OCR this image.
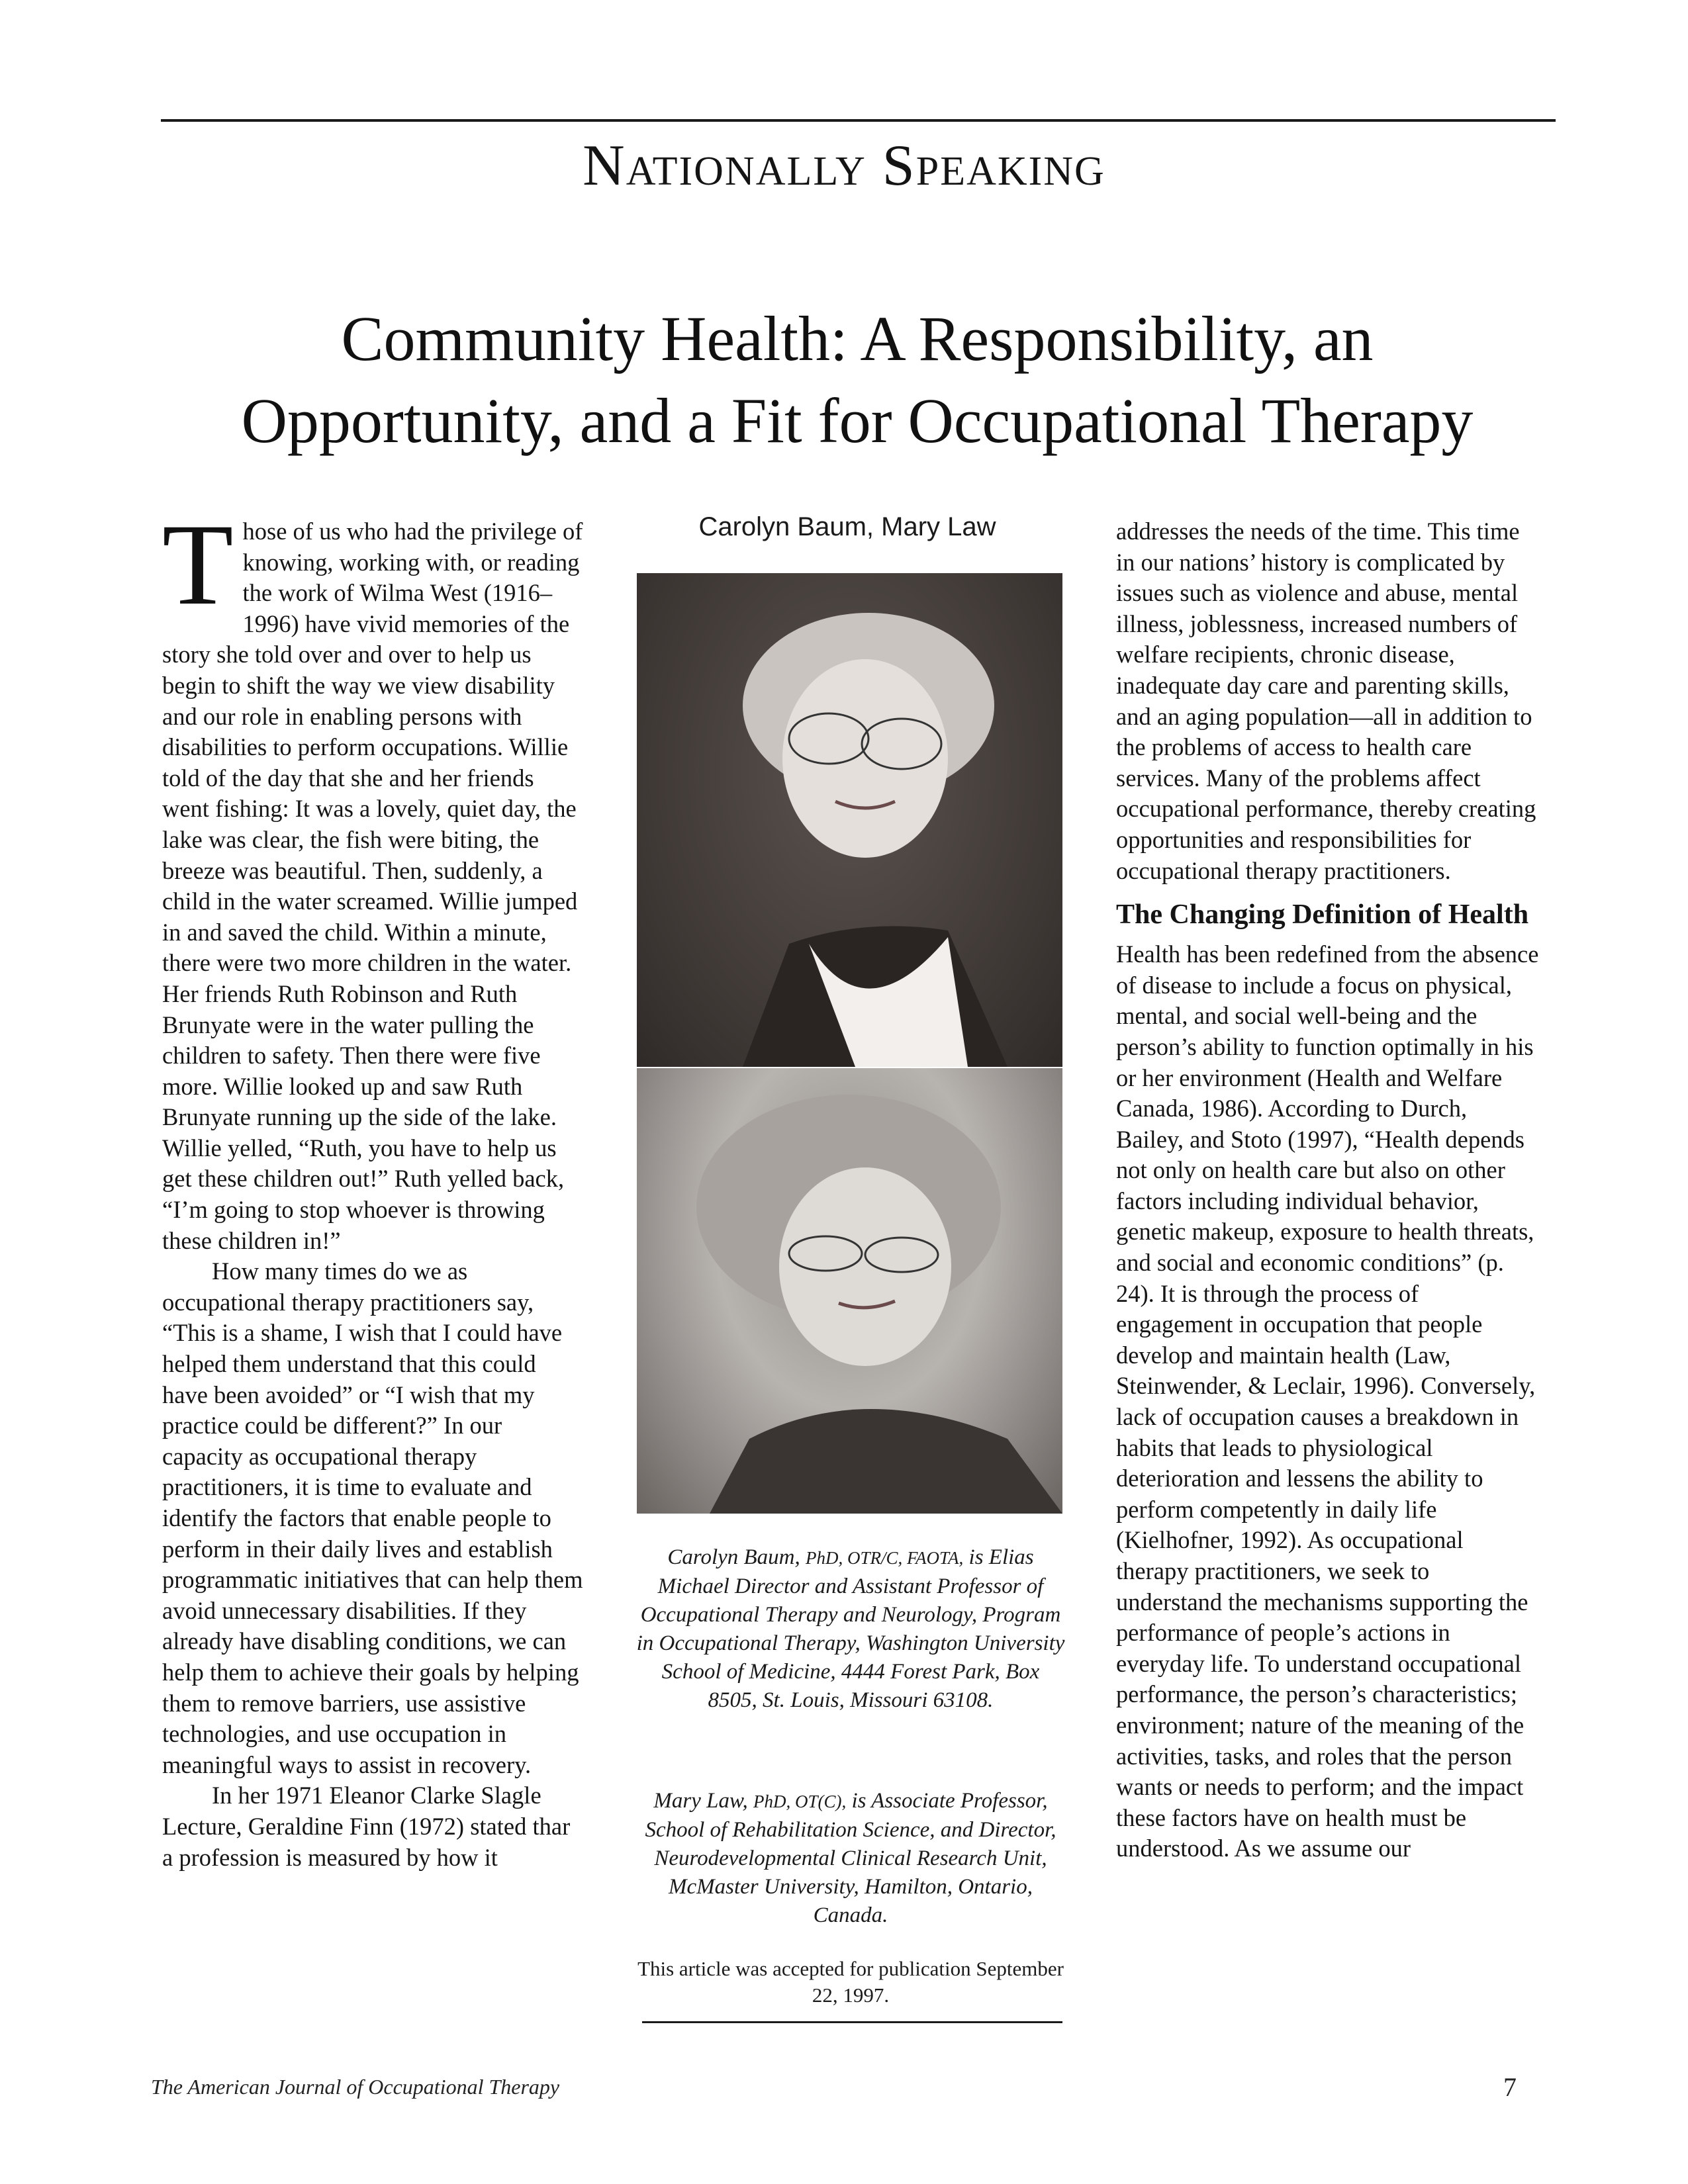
Nationally Speaking
Community Health: A Responsibility, an
Opportunity, and a Fit for Occupational Therapy

Those of us who had the privilege of knowing, working with, or reading the work of Wilma West (1916–1996) have vivid memories of the story she told over and over to help us begin to shift the way we view disability and our role in enabling persons with disabilities to perform occupations. Willie told of the day that she and her friends went fishing: It was a lovely, quiet day, the lake was clear, the fish were biting, the breeze was beautiful. Then, suddenly, a child in the water screamed. Willie jumped in and saved the child. Within a minute, there were two more children in the water. Her friends Ruth Robinson and Ruth Brunyate were in the water pulling the children to safety. Then there were five more. Willie looked up and saw Ruth Brunyate running up the side of the lake. Willie yelled, “Ruth, you have to help us get these children out!” Ruth yelled back, “I’m going to stop whoever is throwing these children in!”

How many times do we as occupational therapy practitioners say, “This is a shame, I wish that I could have helped them understand that this could have been avoided” or “I wish that my practice could be different?” In our capacity as occupational therapy practitioners, it is time to evaluate and identify the factors that enable people to perform in their daily lives and establish programmatic initiatives that can help them avoid unnecessary disabilities. If they already have disabling conditions, we can help them to achieve their goals by helping them to remove barriers, use assistive technologies, and use occupation in meaningful ways to assist in recovery.

In her 1971 Eleanor Clarke Slagle Lecture, Geraldine Finn (1972) stated thar a profession is measured by how it

Carolyn Baum, Mary Law

Carolyn Baum, PhD, OTR/C, FAOTA, is Elias Michael Director and Assistant Professor of Occupational Therapy and Neurology, Program in Occupational Therapy, Washington University School of Medicine, 4444 Forest Park, Box 8505, St. Louis, Missouri 63108.

Mary Law, PhD, OT(C), is Associate Professor, School of Rehabilitation Science, and Director, Neurodevelopmental Clinical Research Unit, McMaster University, Hamilton, Ontario, Canada.

This article was accepted for publication September 22, 1997.

addresses the needs of the time. This time in our nations’ history is complicated by issues such as violence and abuse, mental illness, joblessness, increased numbers of welfare recipients, chronic disease, inadequate day care and parenting skills, and an aging population—all in addition to the problems of access to health care services. Many of the problems affect occupational performance, thereby creating opportunities and responsibilities for occupational therapy practitioners.

The Changing Definition of Health

Health has been redefined from the absence of disease to include a focus on physical, mental, and social well-being and the person’s ability to function optimally in his or her environment (Health and Welfare Canada, 1986). According to Durch, Bailey, and Stoto (1997), “Health depends not only on health care but also on other factors including individual behavior, genetic makeup, exposure to health threats, and social and economic conditions” (p. 24). It is through the process of engagement in occupation that people develop and maintain health (Law, Steinwender, & Leclair, 1996). Conversely, lack of occupation causes a breakdown in habits that leads to physiological deterioration and lessens the ability to perform competently in daily life (Kielhofner, 1992). As occupational therapy practitioners, we seek to understand the mechanisms supporting the performance of people’s actions in everyday life. To understand occupational performance, the person’s characteristics; environment; nature of the meaning of the activities, tasks, and roles that the person wants or needs to perform; and the impact these factors have on health must be understood. As we assume our

The American Journal of Occupational Therapy	7
